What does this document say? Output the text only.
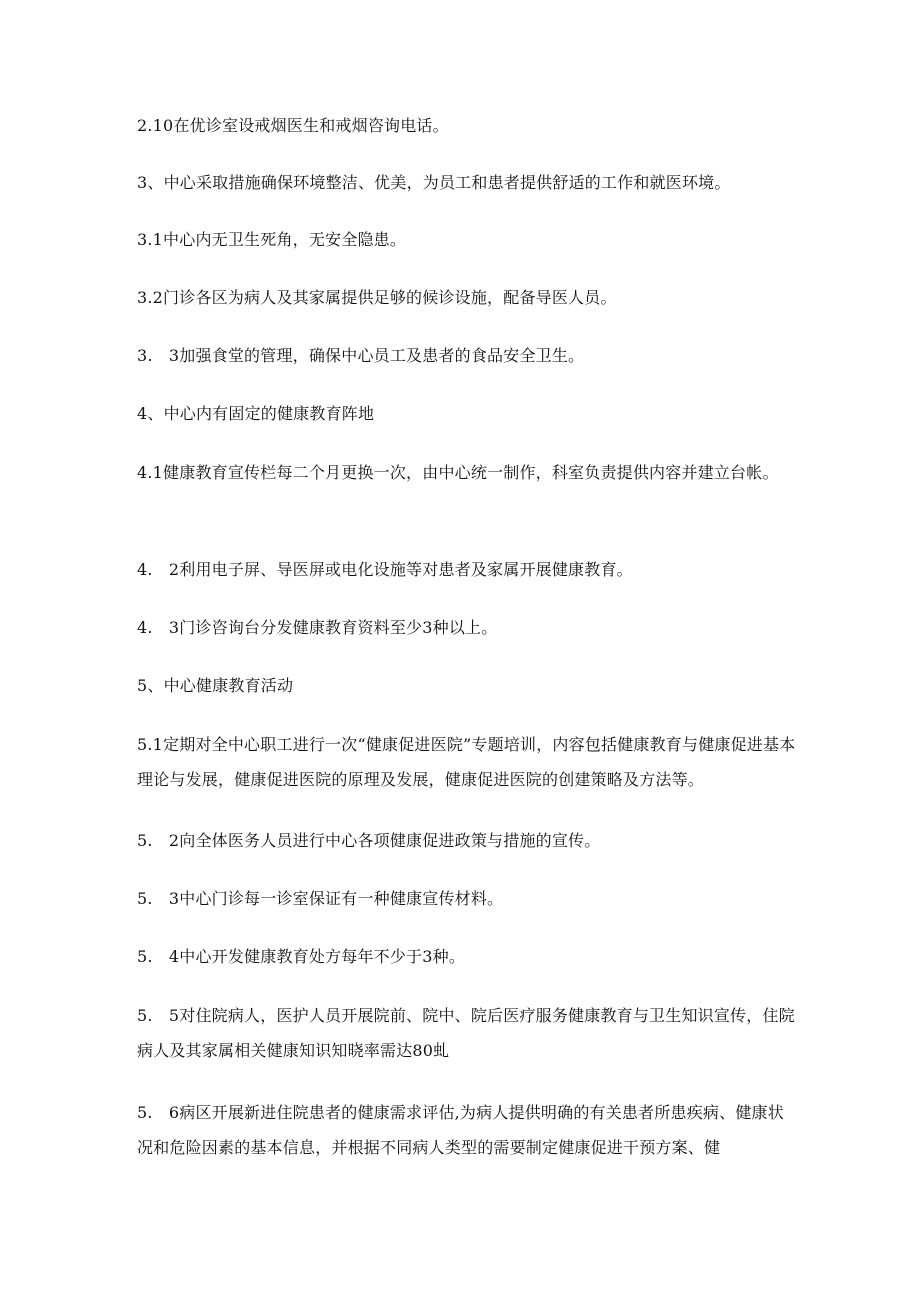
2.10在优诊室设戒烟医生和戒烟咨询电话。

3、中心采取措施确保环境整洁、优美，为员工和患者提供舒适的工作和就医环境。

3.1中心内无卫生死角，无安全隐患。

3.2门诊各区为病人及其家属提供足够的候诊设施，配备导医人员。

3.　3加强食堂的管理，确保中心员工及患者的食品安全卫生。

4、中心内有固定的健康教育阵地

4.1健康教育宣传栏每二个月更换一次，由中心统一制作，科室负责提供内容并建立台帐。

4.　2利用电子屏、导医屏或电化设施等对患者及家属开展健康教育。

4.　3门诊咨询台分发健康教育资料至少3种以上。

5、中心健康教育活动

5.1定期对全中心职工进行一次“健康促进医院”专题培训，内容包括健康教育与健康促进基本理论与发展，健康促进医院的原理及发展，健康促进医院的创建策略及方法等。

5.　2向全体医务人员进行中心各项健康促进政策与措施的宣传。

5.　3中心门诊每一诊室保证有一种健康宣传材料。

5.　4中心开发健康教育处方每年不少于3种。

5.　5对住院病人，医护人员开展院前、院中、院后医疗服务健康教育与卫生知识宣传，住院病人及其家属相关健康知识知晓率需达80虬

5.　6病区开展新进住院患者的健康需求评估,为病人提供明确的有关患者所患疾病、健康状况和危险因素的基本信息，并根据不同病人类型的需要制定健康促进干预方案、健
